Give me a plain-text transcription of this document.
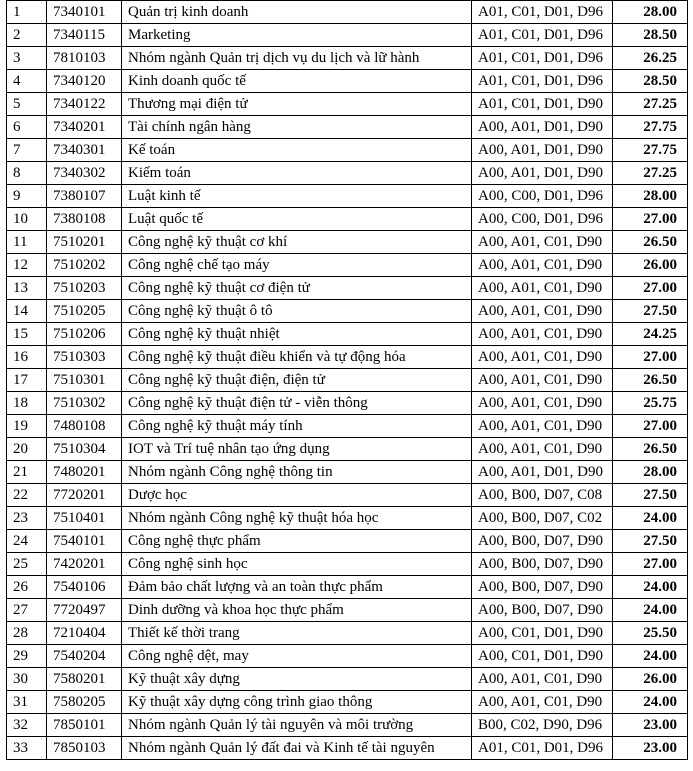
1	7340101	Quản trị kinh doanh	A01, C01, D01, D96	28.00
2	7340115	Marketing	A01, C01, D01, D96	28.50
3	7810103	Nhóm ngành Quản trị dịch vụ du lịch và lữ hành	A01, C01, D01, D96	26.25
4	7340120	Kinh doanh quốc tế	A01, C01, D01, D96	28.50
5	7340122	Thương mại điện tử	A01, C01, D01, D90	27.25
6	7340201	Tài chính ngân hàng	A00, A01, D01, D90	27.75
7	7340301	Kế toán	A00, A01, D01, D90	27.75
8	7340302	Kiểm toán	A00, A01, D01, D90	27.25
9	7380107	Luật kinh tế	A00, C00, D01, D96	28.00
10	7380108	Luật quốc tế	A00, C00, D01, D96	27.00
11	7510201	Công nghệ kỹ thuật cơ khí	A00, A01, C01, D90	26.50
12	7510202	Công nghệ chế tạo máy	A00, A01, C01, D90	26.00
13	7510203	Công nghệ kỹ thuật cơ điện tử	A00, A01, C01, D90	27.00
14	7510205	Công nghệ kỹ thuật ô tô	A00, A01, C01, D90	27.50
15	7510206	Công nghệ kỹ thuật nhiệt	A00, A01, C01, D90	24.25
16	7510303	Công nghệ kỹ thuật điều khiển và tự động hóa	A00, A01, C01, D90	27.00
17	7510301	Công nghệ kỹ thuật điện, điện tử	A00, A01, C01, D90	26.50
18	7510302	Công nghệ kỹ thuật điện tử - viễn thông	A00, A01, C01, D90	25.75
19	7480108	Công nghệ kỹ thuật máy tính	A00, A01, C01, D90	27.00
20	7510304	IOT và Trí tuệ nhân tạo ứng dụng	A00, A01, C01, D90	26.50
21	7480201	Nhóm ngành Công nghệ thông tin	A00, A01, D01, D90	28.00
22	7720201	Dược học	A00, B00, D07, C08	27.50
23	7510401	Nhóm ngành Công nghệ kỹ thuật hóa học	A00, B00, D07, C02	24.00
24	7540101	Công nghệ thực phẩm	A00, B00, D07, D90	27.50
25	7420201	Công nghệ sinh học	A00, B00, D07, D90	27.00
26	7540106	Đảm bảo chất lượng và an toàn thực phẩm	A00, B00, D07, D90	24.00
27	7720497	Dinh dưỡng và khoa học thực phẩm	A00, B00, D07, D90	24.00
28	7210404	Thiết kế thời trang	A00, C01, D01, D90	25.50
29	7540204	Công nghệ dệt, may	A00, C01, D01, D90	24.00
30	7580201	Kỹ thuật xây dựng	A00, A01, C01, D90	26.00
31	7580205	Kỹ thuật xây dựng công trình giao thông	A00, A01, C01, D90	24.00
32	7850101	Nhóm ngành Quản lý tài nguyên và môi trường	B00, C02, D90, D96	23.00
33	7850103	Nhóm ngành Quản lý đất đai và Kinh tế tài nguyên	A01, C01, D01, D96	23.00
